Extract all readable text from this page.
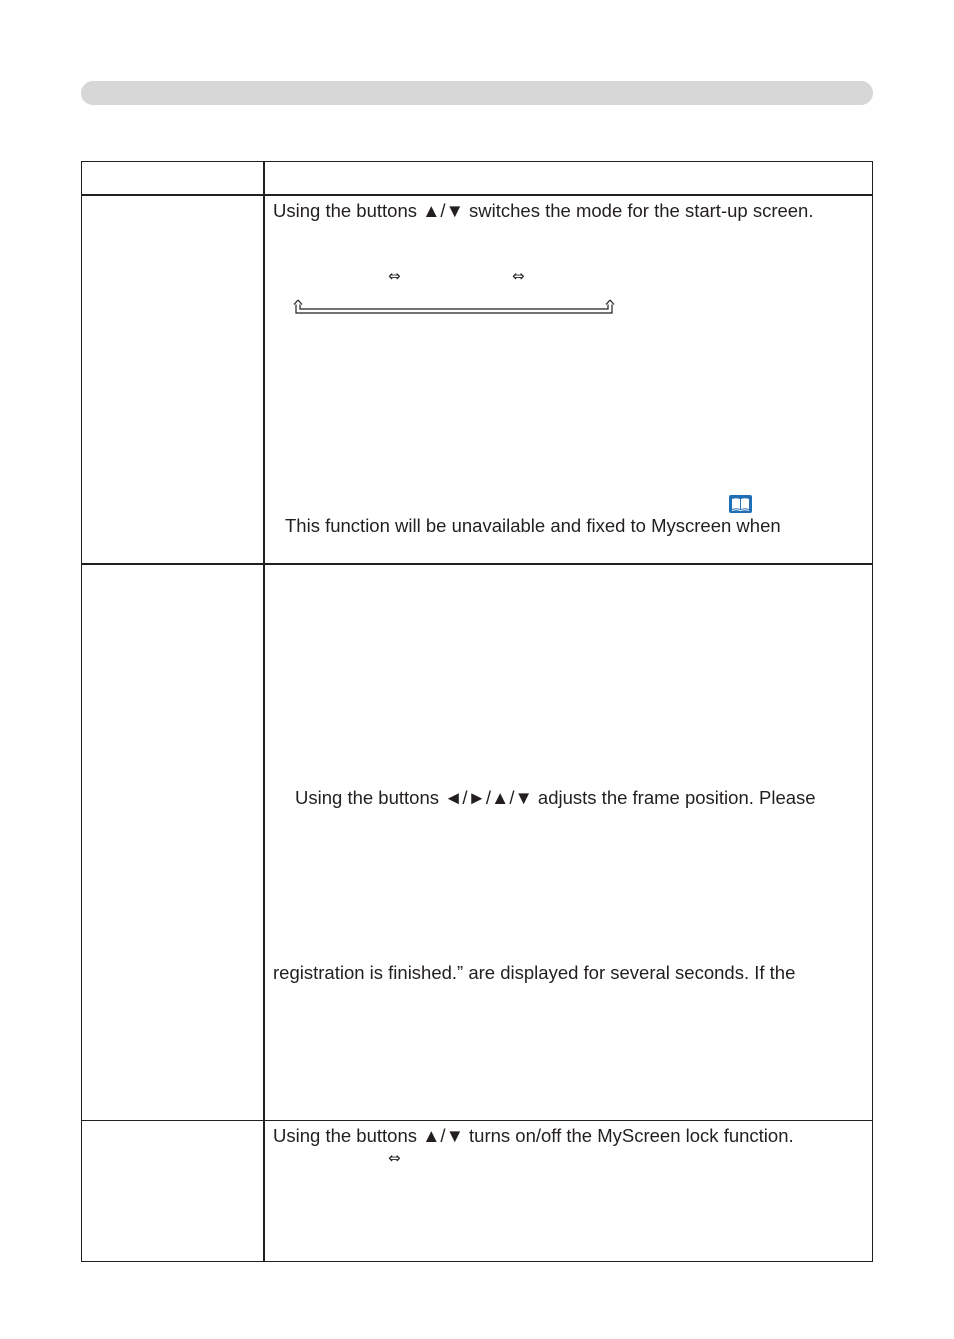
Using the buttons ▲/▼ switches the mode for the start-up screen.
⇔	⇔
This function will be unavailable and fixed to Myscreen when
Using the buttons ◄/►/▲/▼ adjusts the frame position. Please
registration is finished.” are displayed for several seconds. If the
Using the buttons ▲/▼ turns on/off the MyScreen lock function.
⇔
